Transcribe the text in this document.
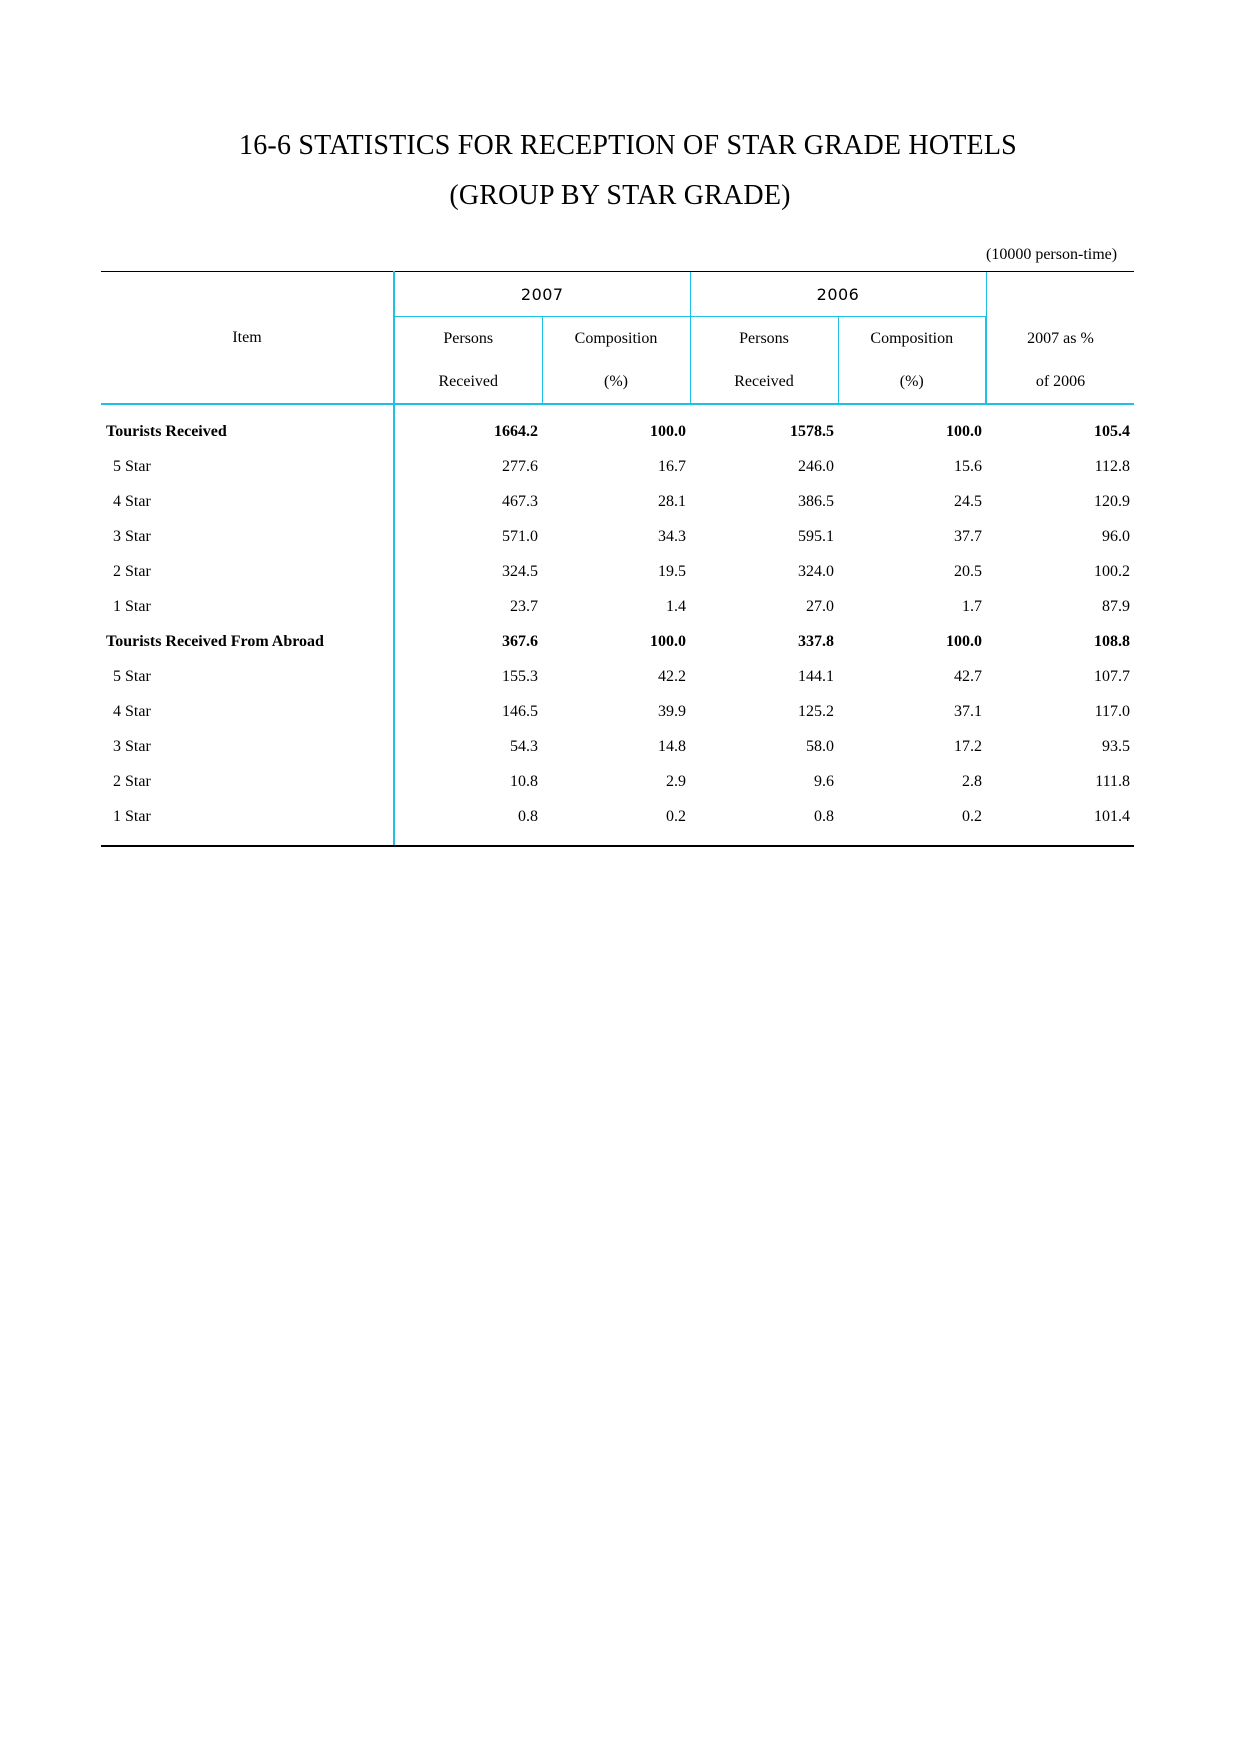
16-6 STATISTICS FOR RECEPTION OF STAR GRADE HOTELS
(GROUP BY STAR GRADE)
(10000 person-time)
Item	2007		2006		
	Persons	Composition	Persons	Composition	2007 as %
	Received	(%)	Received	(%)	of 2006
Tourists Received	1664.2	100.0	1578.5	100.0	105.4
5 Star	277.6	16.7	246.0	15.6	112.8
4 Star	467.3	28.1	386.5	24.5	120.9
3 Star	571.0	34.3	595.1	37.7	96.0
2 Star	324.5	19.5	324.0	20.5	100.2
1 Star	23.7	1.4	27.0	1.7	87.9
Tourists Received From Abroad	367.6	100.0	337.8	100.0	108.8
5 Star	155.3	42.2	144.1	42.7	107.7
4 Star	146.5	39.9	125.2	37.1	117.0
3 Star	54.3	14.8	58.0	17.2	93.5
2 Star	10.8	2.9	9.6	2.8	111.8
1 Star	0.8	0.2	0.8	0.2	101.4
